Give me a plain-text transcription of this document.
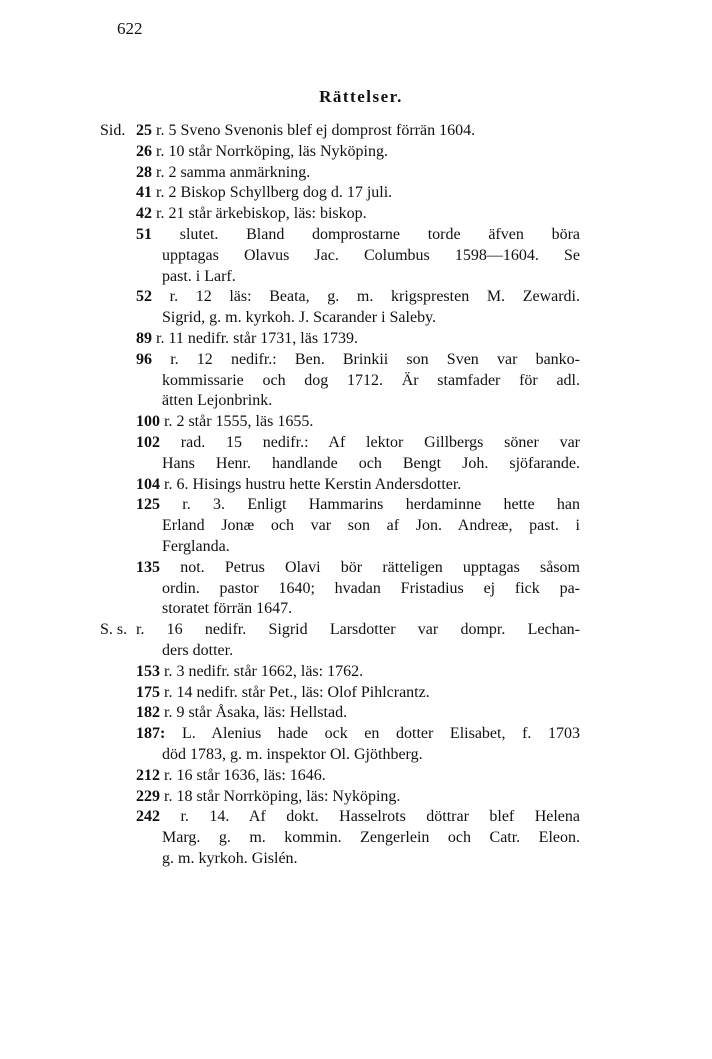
622
Rättelser.
Sid. 25 r. 5 Sveno Svenonis blef ej domprost förrän 1604.
26 r. 10 står Norrköping, läs Nyköping.
28 r. 2 samma anmärkning.
41 r. 2 Biskop Schyllberg dog d. 17 juli.
42 r. 21 står ärkebiskop, läs: biskop.
51 slutet. Bland domprostarne torde äfven böra
upptagas Olavus Jac. Columbus 1598—1604. Se
past. i Larf.
52 r. 12 läs: Beata, g. m. krigspresten M. Zewardi.
Sigrid, g. m. kyrkoh. J. Scarander i Saleby.
89 r. 11 nedifr. står 1731, läs 1739.
96 r. 12 nedifr.: Ben. Brinkii son Sven var banko-
kommissarie och dog 1712. Är stamfader för adl.
ätten Lejonbrink.
100 r. 2 står 1555, läs 1655.
102 rad. 15 nedifr.: Af lektor Gillbergs söner var
Hans Henr. handlande och Bengt Joh. sjöfarande.
104 r. 6. Hisings hustru hette Kerstin Andersdotter.
125 r. 3. Enligt Hammarins herdaminne hette han
Erland Jonæ och var son af Jon. Andreæ, past. i
Ferglanda.
135 not. Petrus Olavi bör rätteligen upptagas såsom
ordin. pastor 1640; hvadan Fristadius ej fick pa-
storatet förrän 1647.
S. s. r. 16 nedifr. Sigrid Larsdotter var dompr. Lechan-
ders dotter.
153 r. 3 nedifr. står 1662, läs: 1762.
175 r. 14 nedifr. står Pet., läs: Olof Pihlcrantz.
182 r. 9 står Åsaka, läs: Hellstad.
187: L. Alenius hade ock en dotter Elisabet, f. 1703
död 1783, g. m. inspektor Ol. Gjöthberg.
212 r. 16 står 1636, läs: 1646.
229 r. 18 står Norrköping, läs: Nyköping.
242 r. 14. Af dokt. Hasselrots döttrar blef Helena
Marg. g. m. kommin. Zengerlein och Catr. Eleon.
g. m. kyrkoh. Gislén.
